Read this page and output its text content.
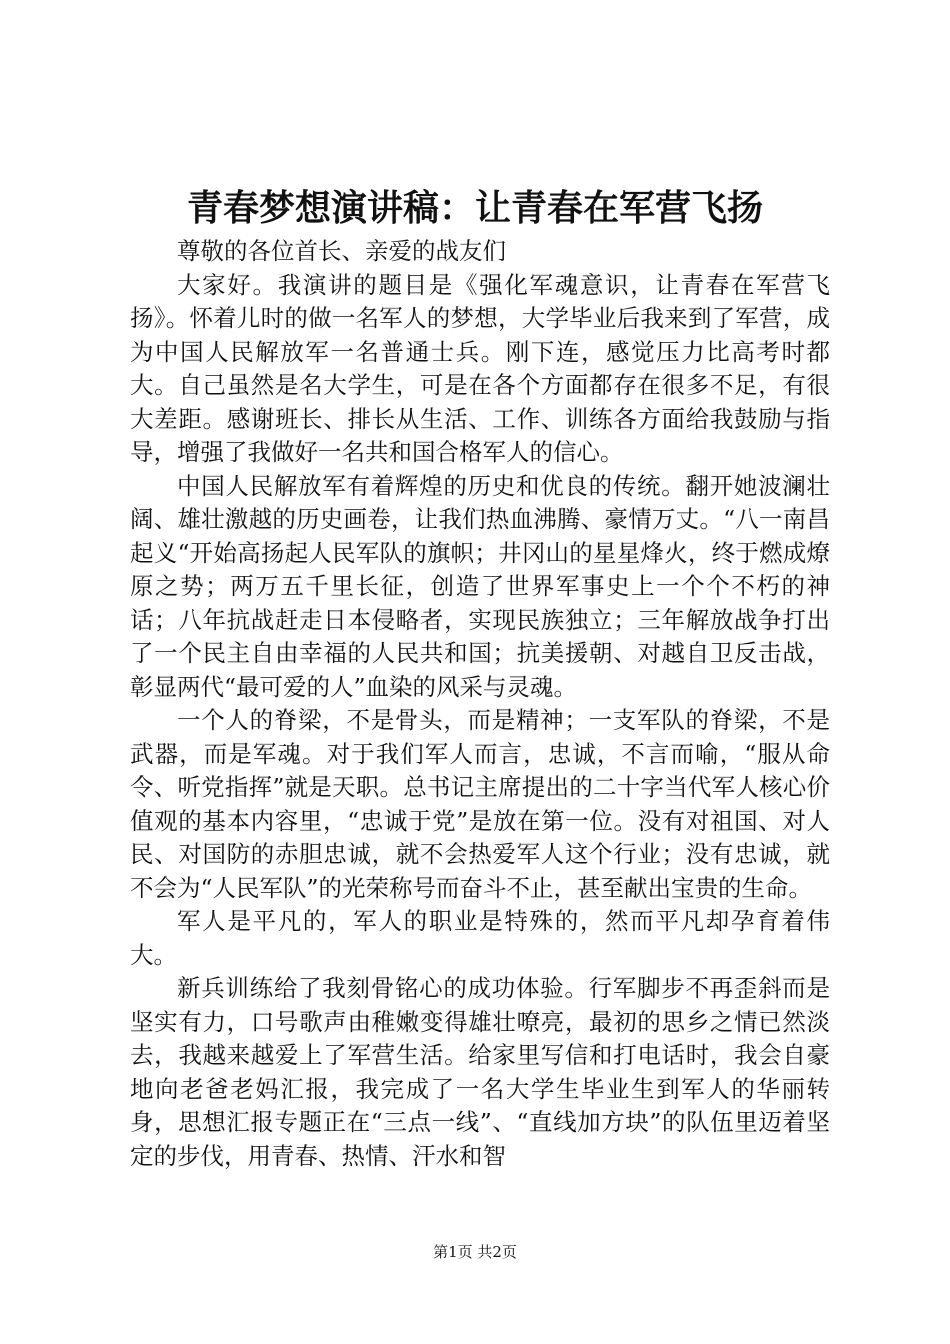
青春梦想演讲稿：让青春在军营飞扬

尊敬的各位首长、亲爱的战友们

大家好。我演讲的题目是《强化军魂意识，让青春在军营飞扬》。怀着儿时的做一名军人的梦想，大学毕业后我来到了军营，成为中国人民解放军一名普通士兵。刚下连，感觉压力比高考时都大。自己虽然是名大学生，可是在各个方面都存在很多不足，有很大差距。感谢班长、排长从生活、工作、训练各方面给我鼓励与指导，增强了我做好一名共和国合格军人的信心。

中国人民解放军有着辉煌的历史和优良的传统。翻开她波澜壮阔、雄壮激越的历史画卷，让我们热血沸腾、豪情万丈。“八一南昌起义“开始高扬起人民军队的旗帜；井冈山的星星烽火，终于燃成燎原之势；两万五千里长征，创造了世界军事史上一个个不朽的神话；八年抗战赶走日本侵略者，实现民族独立；三年解放战争打出了一个民主自由幸福的人民共和国；抗美援朝、对越自卫反击战，彰显两代“最可爱的人”血染的风采与灵魂。

一个人的脊梁，不是骨头，而是精神；一支军队的脊梁，不是武器，而是军魂。对于我们军人而言，忠诚，不言而喻，“服从命令、听党指挥”就是天职。总书记主席提出的二十字当代军人核心价值观的基本内容里，“忠诚于党”是放在第一位。没有对祖国、对人民、对国防的赤胆忠诚，就不会热爱军人这个行业；没有忠诚，就不会为“人民军队”的光荣称号而奋斗不止，甚至献出宝贵的生命。

军人是平凡的，军人的职业是特殊的，然而平凡却孕育着伟大。

新兵训练给了我刻骨铭心的成功体验。行军脚步不再歪斜而是坚实有力，口号歌声由稚嫩变得雄壮嘹亮，最初的思乡之情已然淡去，我越来越爱上了军营生活。给家里写信和打电话时，我会自豪地向老爸老妈汇报，我完成了一名大学生毕业生到军人的华丽转身，思想汇报专题正在“三点一线”、“直线加方块”的队伍里迈着坚定的步伐，用青春、热情、汗水和智

第1页 共2页
